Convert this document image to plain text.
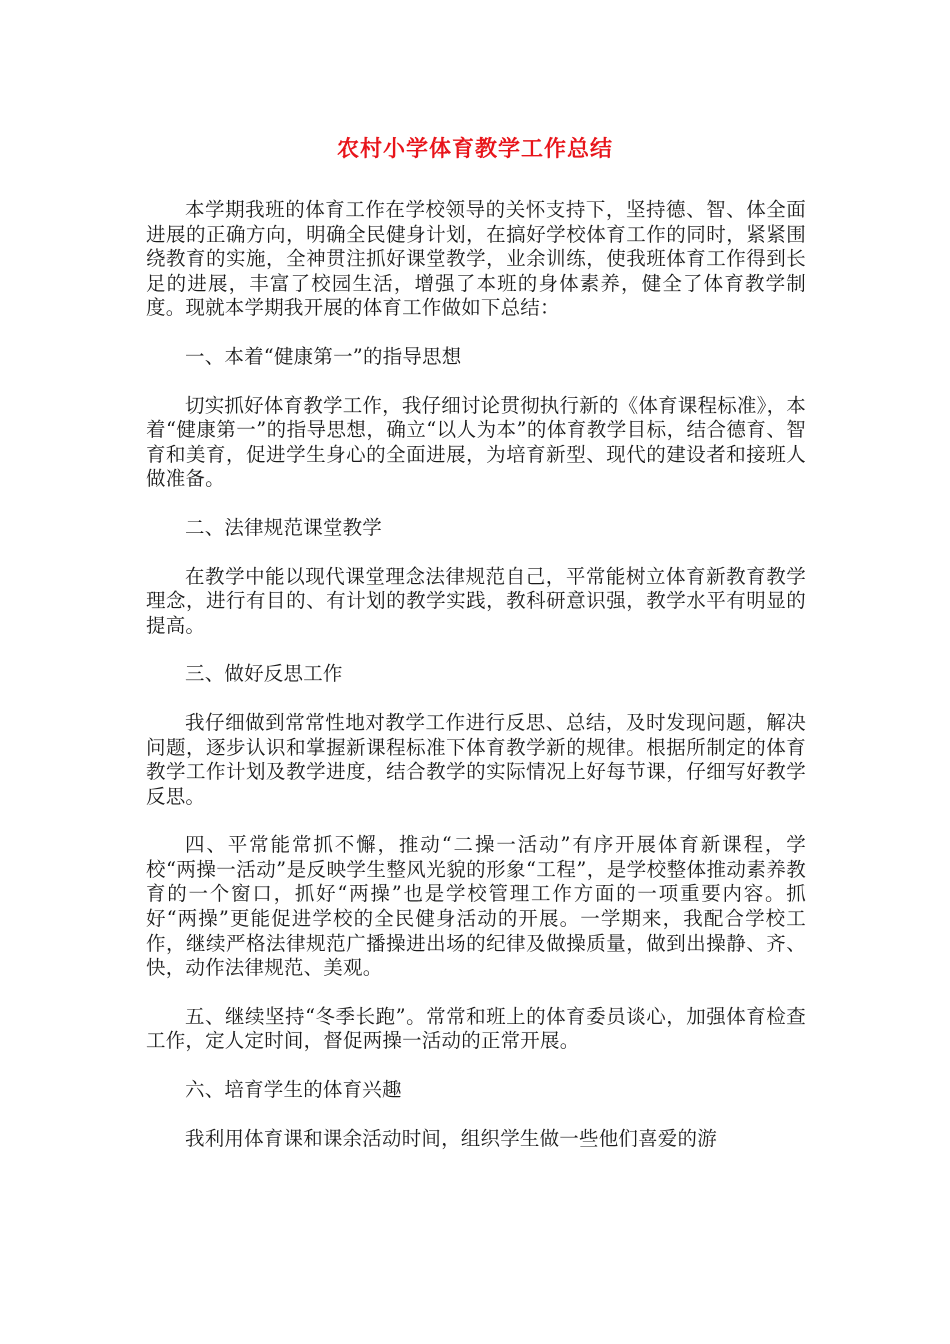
农村小学体育教学工作总结

本学期我班的体育工作在学校领导的关怀支持下，坚持德、智、体全面进展的正确方向，明确全民健身计划，在搞好学校体育工作的同时，紧紧围绕教育的实施，全神贯注抓好课堂教学，业余训练，使我班体育工作得到长足的进展，丰富了校园生活，增强了本班的身体素养，健全了体育教学制度。现就本学期我开展的体育工作做如下总结：

一、本着“健康第一”的指导思想

切实抓好体育教学工作，我仔细讨论贯彻执行新的《体育课程标准》，本着“健康第一”的指导思想，确立“以人为本”的体育教学目标，结合德育、智育和美育，促进学生身心的全面进展，为培育新型、现代的建设者和接班人做准备。

二、法律规范课堂教学

在教学中能以现代课堂理念法律规范自己，平常能树立体育新教育教学理念，进行有目的、有计划的教学实践，教科研意识强，教学水平有明显的提高。

三、做好反思工作

我仔细做到常常性地对教学工作进行反思、总结，及时发现问题，解决问题，逐步认识和掌握新课程标准下体育教学新的规律。根据所制定的体育教学工作计划及教学进度，结合教学的实际情况上好每节课，仔细写好教学反思。

四、平常能常抓不懈，推动“二操一活动”有序开展体育新课程，学校“两操一活动”是反映学生整风光貌的形象“工程”，是学校整体推动素养教育的一个窗口，抓好“两操”也是学校管理工作方面的一项重要内容。抓好“两操”更能促进学校的全民健身活动的开展。一学期来，我配合学校工作，继续严格法律规范广播操进出场的纪律及做操质量，做到出操静、齐、快，动作法律规范、美观。

五、继续坚持“冬季长跑”。常常和班上的体育委员谈心，加强体育检查工作，定人定时间，督促两操一活动的正常开展。

六、培育学生的体育兴趣

我利用体育课和课余活动时间，组织学生做一些他们喜爱的游
